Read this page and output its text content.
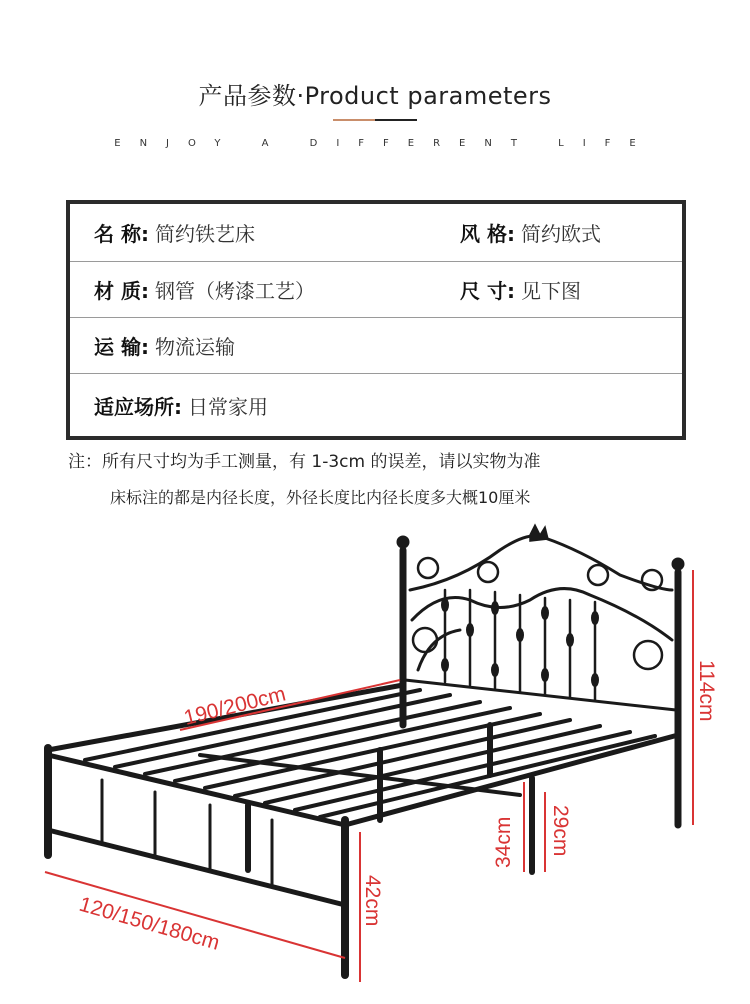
产品参数·Product parameters
ENJOY A DIFFERENT LIFE
名 称: 简约铁艺床	风 格: 简约欧式
材 质: 钢管（烤漆工艺）	尺 寸: 见下图
运 输: 物流运输
适应场所: 日常家用
注：所有尺寸均为手工测量，有 1-3cm 的误差，请以实物为准
床标注的都是内径长度，外径长度比内径长度多大概10厘米
190/200cm
120/150/180cm
114cm
42cm
34cm 29cm
